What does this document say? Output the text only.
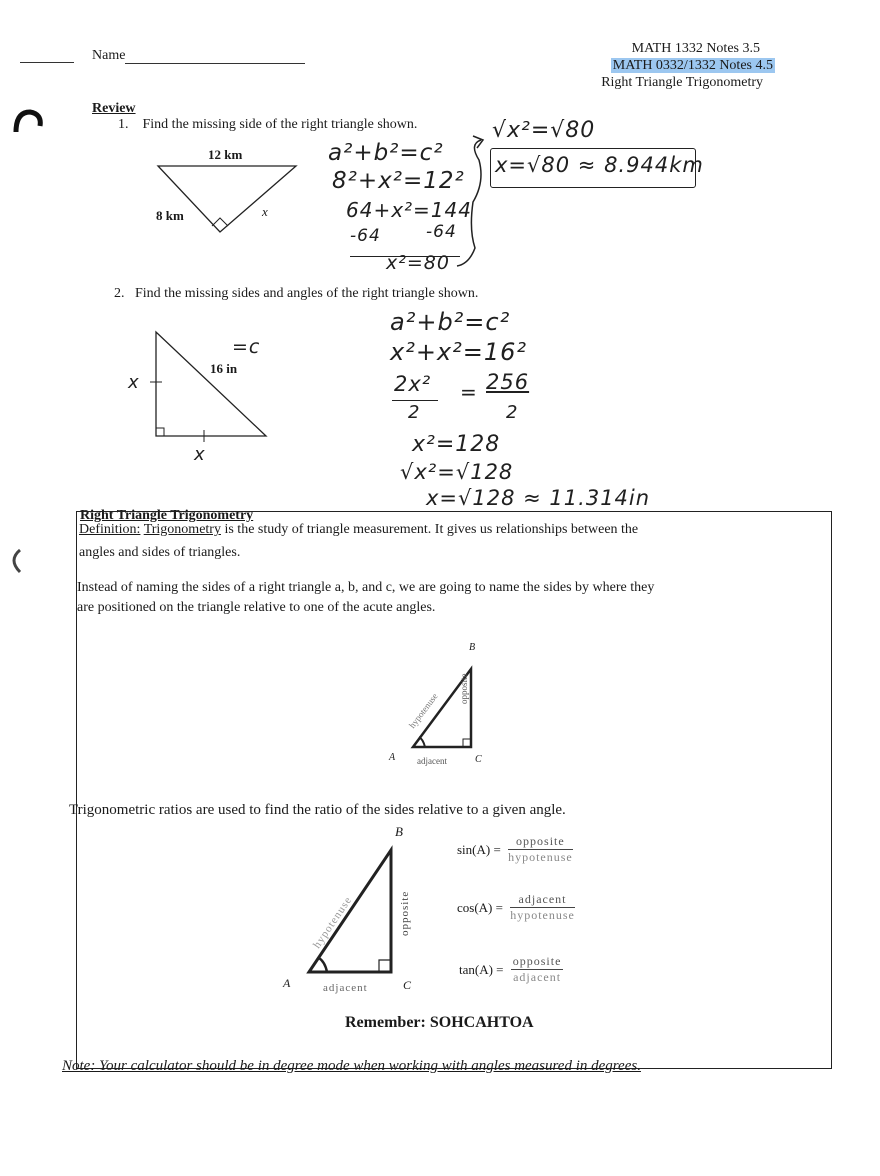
Name	MATH 1332 Notes 3.5
MATH 0332/1332 Notes 4.5
Right Triangle Trigonometry
Review
1. Find the missing side of the right triangle shown.
12 km
8 km	x
a²+b²=c²
8²+x²=12²
64+x²=144
-64	-64
x²=80
√x²=√80
x=√80 ≈ 8.944km
2. Find the missing sides and angles of the right triangle shown.
16 in
=c
x
x
a²+b²=c²
x²+x²=16²
2x²
2
= 256
2
x²=128
√x²=√128
x=√128 ≈ 11.314in
Right Triangle Trigonometry
Definition: Trigonometry is the study of triangle measurement. It gives us relationships between the
angles and sides of triangles.
Instead of naming the sides of a right triangle a, b, and c, we are going to name the sides by where they
are positioned on the triangle relative to one of the acute angles.
B
A	C
adjacent
opposite
hypotenuse
Trigonometric ratios are used to find the ratio of the sides relative to a given angle.
B
A	C
adjacent
opposite
hypotenuse
$\sin(A) = \frac{\text{opposite}}{\text{hypotenuse}}$
$\cos(A) = \frac{\text{adjacent}}{\text{hypotenuse}}$
$\tan(A) = \frac{\text{opposite}}{\text{adjacent}}$
Remember: SOHCAHTOA
Note: Your calculator should be in degree mode when working with angles measured in degrees.
